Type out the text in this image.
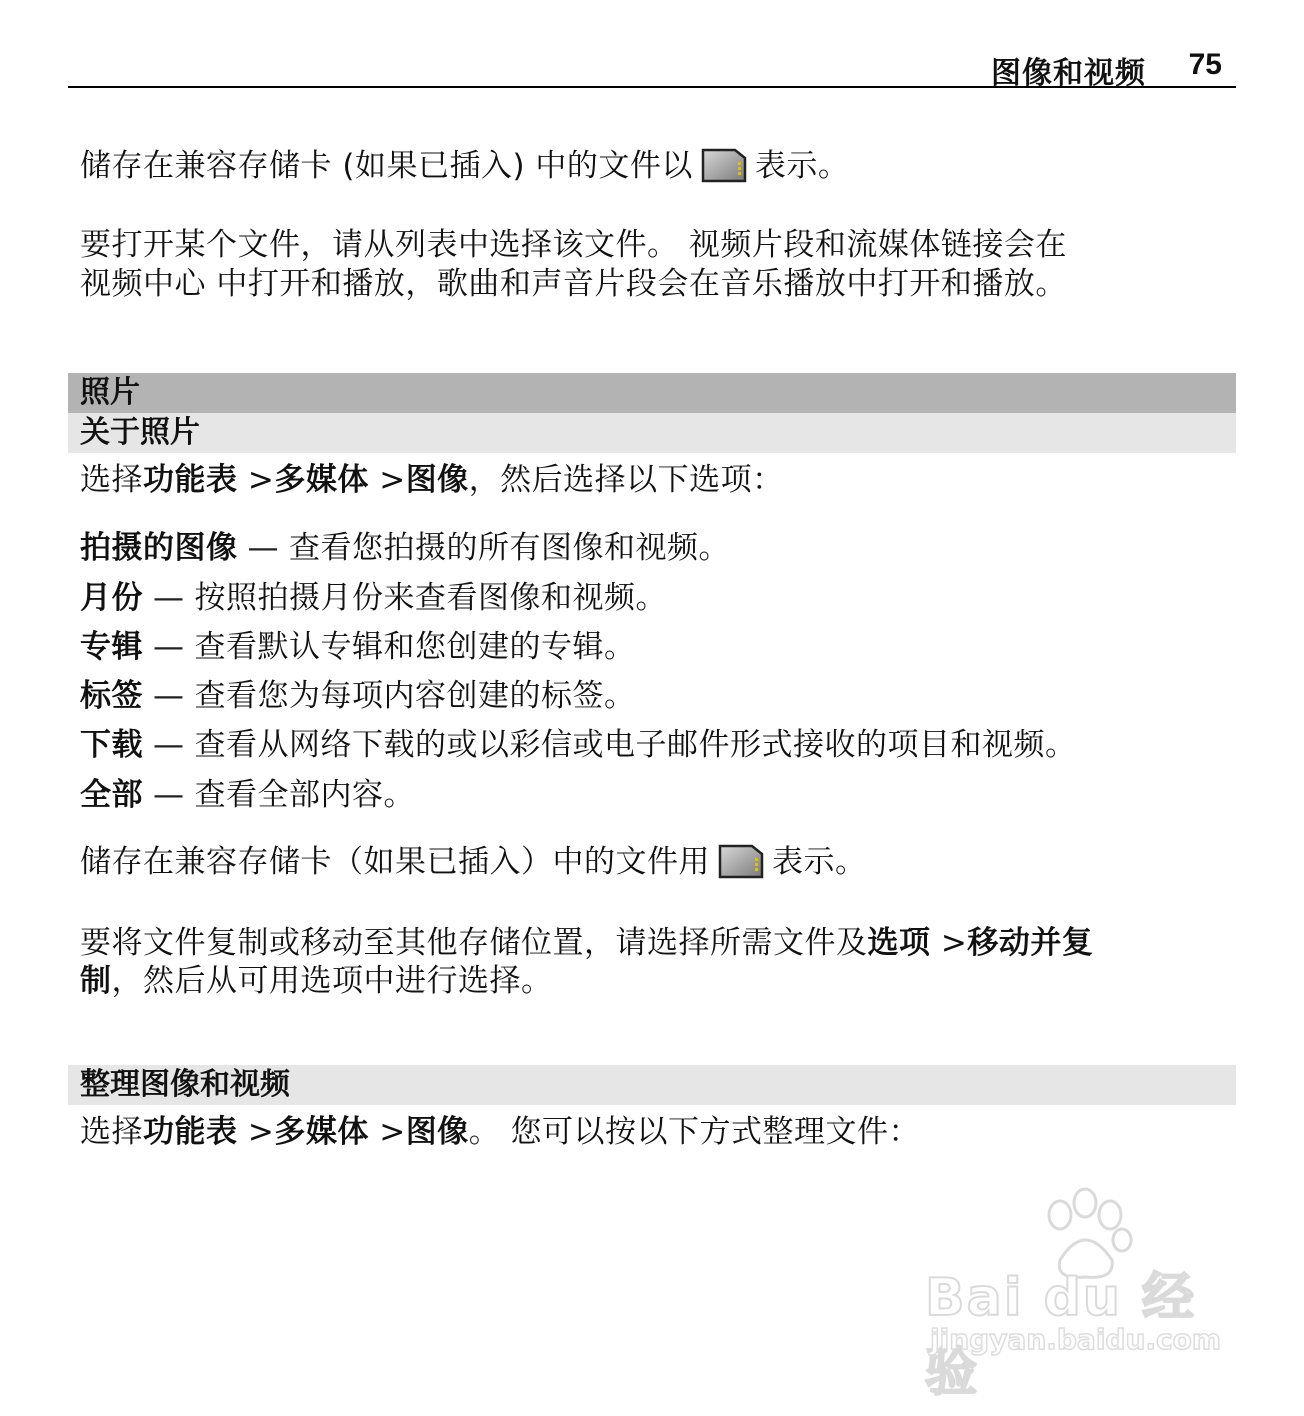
图像和视频 75
储存在兼容存储卡 (如果已插入) 中的文件以 表示。
要打开某个文件，请从列表中选择该文件。 视频片段和流媒体链接会在
视频中心 中打开和播放，歌曲和声音片段会在音乐播放中打开和播放。
照片
关于照片
选择功能表 >多媒体 >图像，然后选择以下选项：
拍摄的图像 — 查看您拍摄的所有图像和视频。
月份 — 按照拍摄月份来查看图像和视频。
专辑 — 查看默认专辑和您创建的专辑。
标签 — 查看您为每项内容创建的标签。
下载 — 查看从网络下载的或以彩信或电子邮件形式接收的项目和视频。
全部 — 查看全部内容。
储存在兼容存储卡（如果已插入）中的文件用 表示。
要将文件复制或移动至其他存储位置，请选择所需文件及选项 >移动并复
制，然后从可用选项中进行选择。
整理图像和视频
选择功能表 >多媒体 >图像。 您可以按以下方式整理文件：
Bai du 经验
jingyan.baidu.com
